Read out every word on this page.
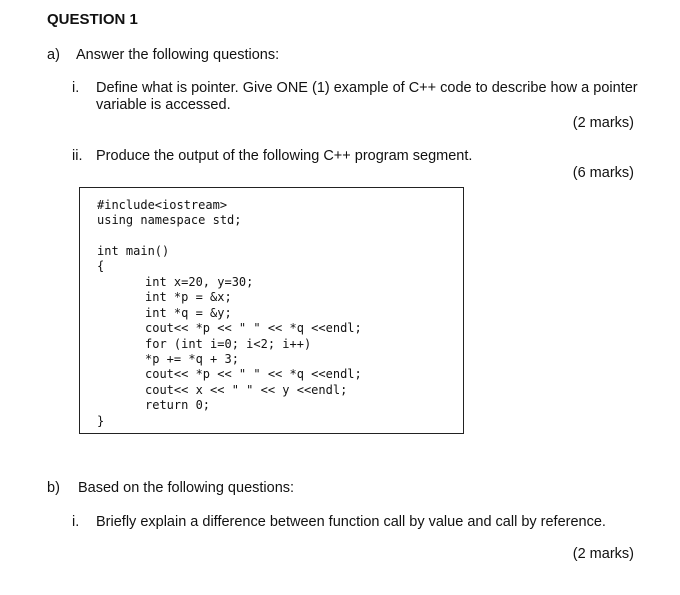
QUESTION 1
a) Answer the following questions:
i. Define what is pointer. Give ONE (1) example of C++ code to describe how a pointer
variable is accessed.
(2 marks)
ii. Produce the output of the following C++ program segment.
(6 marks)
#include<iostream>
using namespace std;
int main()
{
int x=20, y=30;
int *p = &x;
int *q = &y;
cout<< *p << " " << *q <<endl;
for (int i=0; i<2; i++)
*p += *q + 3;
cout<< *p << " " << *q <<endl;
cout<< x << " " << y <<endl;
return 0;
}
b) Based on the following questions:
i. Briefly explain a difference between function call by value and call by reference.
(2 marks)
